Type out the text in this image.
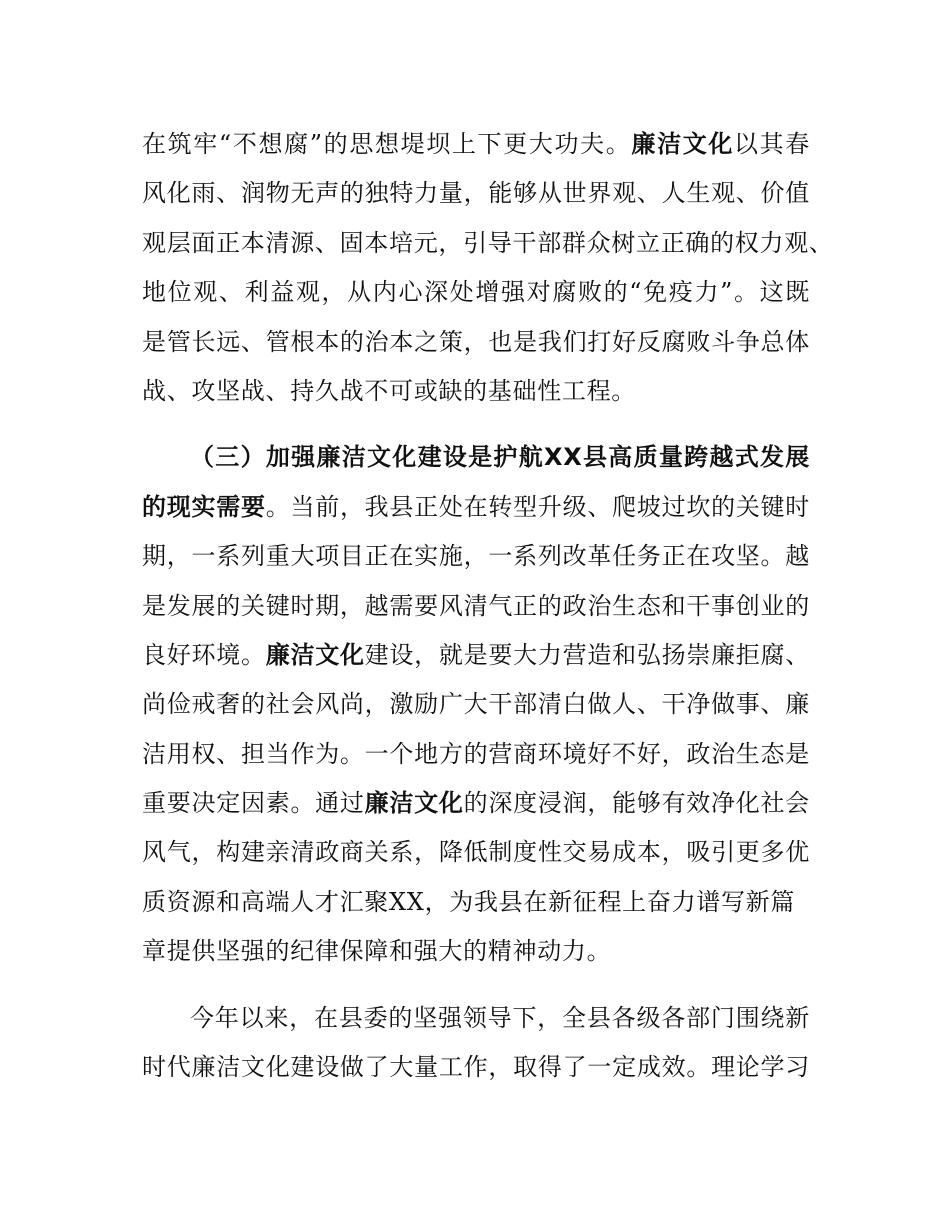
在筑牢“不想腐”的思想堤坝上下更大功夫。廉洁文化以其春
风化雨、润物无声的独特力量，能够从世界观、人生观、价值
观层面正本清源、固本培元，引导干部群众树立正确的权力观、
地位观、利益观，从内心深处增强对腐败的“免疫力”。这既
是管长远、管根本的治本之策，也是我们打好反腐败斗争总体
战、攻坚战、持久战不可或缺的基础性工程。
（三）加强廉洁文化建设是护航XX县高质量跨越式发展
的现实需要。当前，我县正处在转型升级、爬坡过坎的关键时
期，一系列重大项目正在实施，一系列改革任务正在攻坚。越
是发展的关键时期，越需要风清气正的政治生态和干事创业的
良好环境。廉洁文化建设，就是要大力营造和弘扬崇廉拒腐、
尚俭戒奢的社会风尚，激励广大干部清白做人、干净做事、廉
洁用权、担当作为。一个地方的营商环境好不好，政治生态是
重要决定因素。通过廉洁文化的深度浸润，能够有效净化社会
风气，构建亲清政商关系，降低制度性交易成本，吸引更多优
质资源和高端人才汇聚XX，为我县在新征程上奋力谱写新篇
章提供坚强的纪律保障和强大的精神动力。
今年以来，在县委的坚强领导下，全县各级各部门围绕新
时代廉洁文化建设做了大量工作，取得了一定成效。理论学习
